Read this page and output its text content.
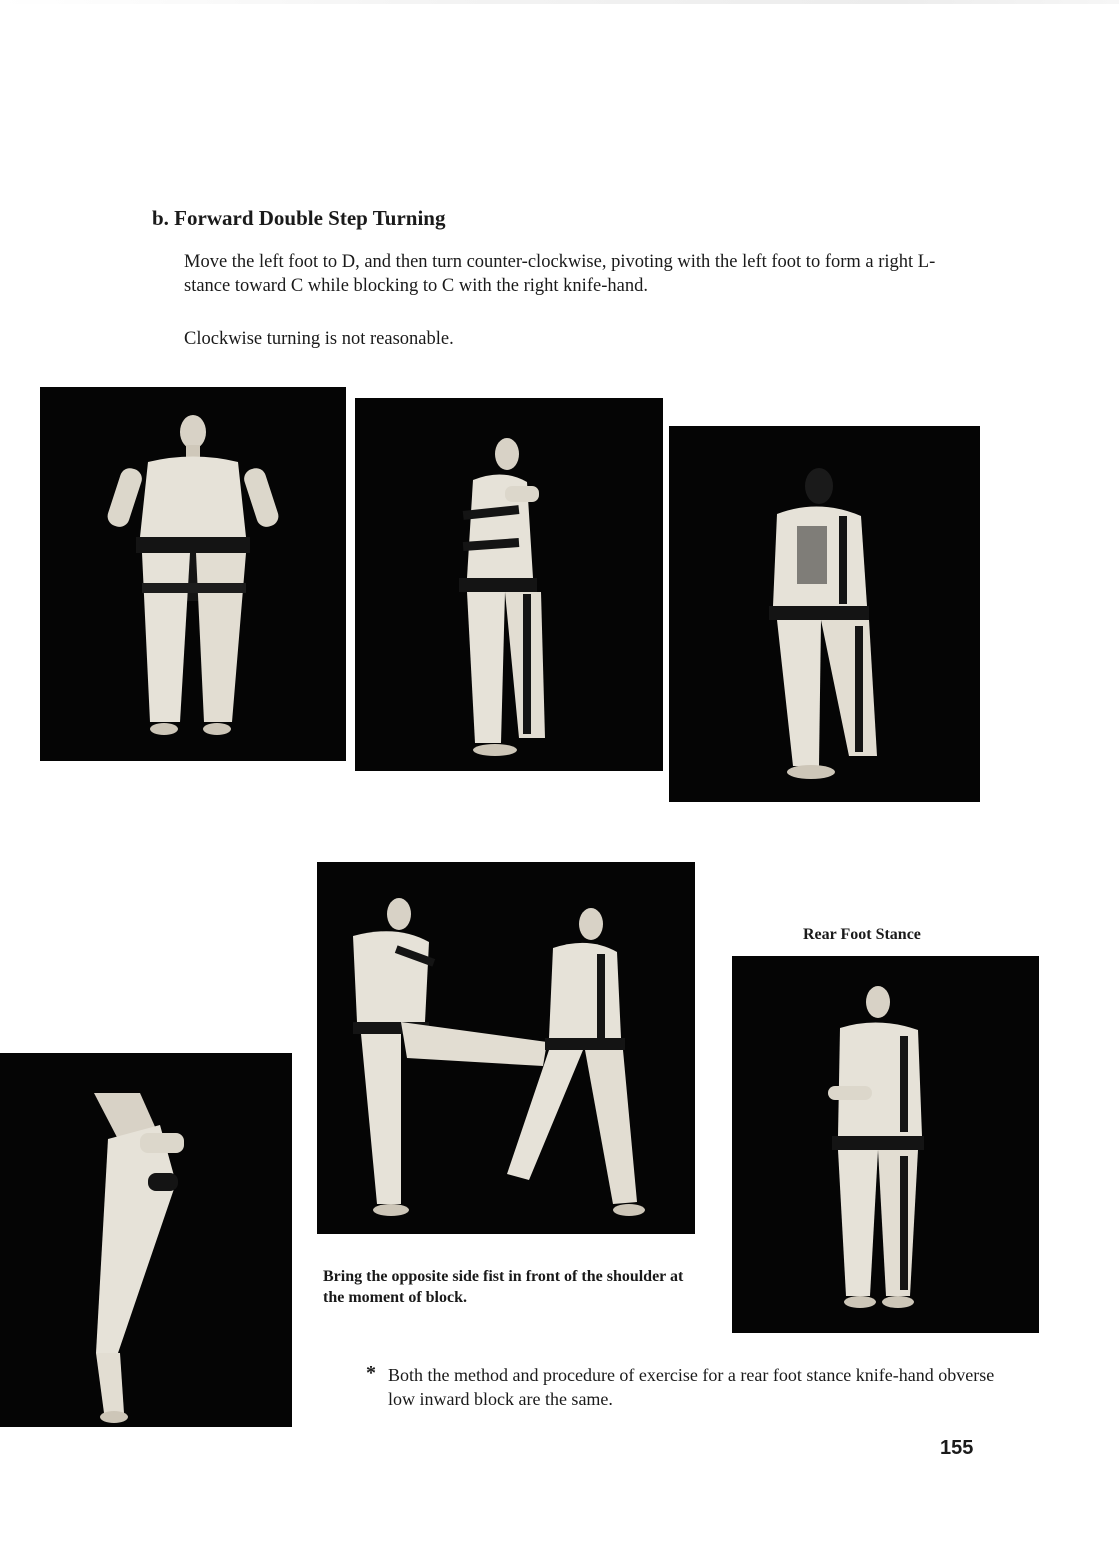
b. Forward Double Step Turning

Move the left foot to D, and then turn counter-clockwise, pivoting with the left foot to form a right L-stance toward C while blocking to C with the right knife-hand.

Clockwise turning is not reasonable.

Rear Foot Stance

Bring the opposite side fist in front of the shoulder at the moment of block.

* Both the method and procedure of exercise for a rear foot stance knife-hand obverse low inward block are the same.
155
